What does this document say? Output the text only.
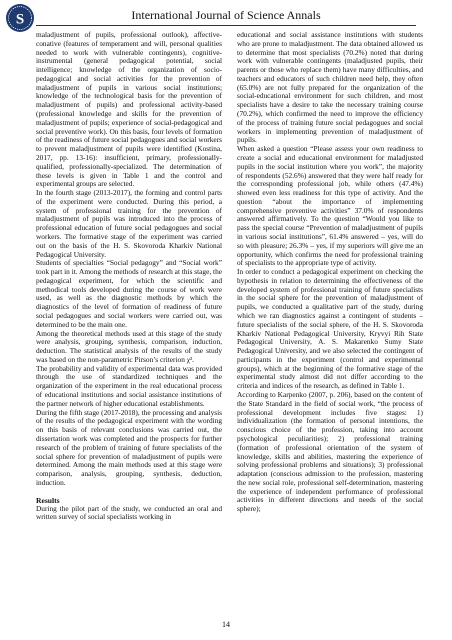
S	International Journal of Science Annals

maladjustment of pupils, professional outlook), affective-conative (features of temperament and will, personal qualities needed to work with vulnerable contingents), cognitive-instrumental (general pedagogical potential, social intelligence; knowledge of the organization of socio-pedagogical and social activities for the prevention of maladjustment of pupils in various social institutions; knowledge of the technological basis for the prevention of maladjustment of pupils) and professional activity-based (professional knowledge and skills for the prevention of maladjustment of pupils; experience of social-pedagogical and social preventive work). On this basis, four levels of formation of the readiness of future social pedagogues and social workers to prevent maladjustment of pupils were identified (Kostina, 2017, pp. 13-16): insufficient, primary, professionally-qualified, professionally-specialized. The determination of these levels is given in Table 1 and the control and experimental groups are selected.

In the fourth stage (2013-2017), the forming and control parts of the experiment were conducted. During this period, a system of professional training for the prevention of maladjustment of pupils was introduced into the process of professional education of future social pedagogues and social workers. The formative stage of the experiment was carried out on the basis of the H. S. Skovoroda Kharkiv National Pedagogical University.

Students of specialties “Social pedagogy” and “Social work” took part in it. Among the methods of research at this stage, the pedagogical experiment, for which the scientific and methodical tools developed during the course of work were used, as well as the diagnostic methods by which the diagnostics of the level of formation of readiness of future social pedagogues and social workers were carried out, was determined to be the main one.

Among the theoretical methods used at this stage of the study were analysis, grouping, synthesis, comparison, induction, deduction. The statistical analysis of the results of the study was based on the non-parametric Pirson’s criterion χ².

The probability and validity of experimental data was provided through the use of standardized techniques and the organization of the experiment in the real educational process of educational institutions and social assistance institutions of the partner network of higher educational establishments.

During the fifth stage (2017-2018), the processing and analysis of the results of the pedagogical experiment with the wording on this basis of relevant conclusions was carried out, the dissertation work was completed and the prospects for further research of the problem of training of future specialists of the social sphere for prevention of maladjustment of pupils were determined. Among the main methods used at this stage were comparison, analysis, grouping, synthesis, deduction, induction.

Results

During the pilot part of the study, we conducted an oral and written survey of social specialists working in

educational and social assistance institutions with students who are prone to maladjustment. The data obtained allowed us to determine that most specialists (70.2%) noted that during work with vulnerable contingents (maladjusted pupils, their parents or those who replace them) have many difficulties, and teachers and educators of such children need help, they often (65.0%) are not fully prepared for the organization of the social-educational environment for such children, and most specialists have a desire to take the necessary training course (70.2%), which confirmed the need to improve the efficiency of the process of training future social pedagogues and social workers in implementing prevention of maladjustment of pupils.

When asked a question “Please assess your own readiness to create a social and educational environment for maladjusted pupils in the social institution where you work”, the majority of respondents (52.6%) answered that they were half ready for the corresponding professional job, while others (47.4%) showed even less readiness for this type of activity. And the question “about the importance of implementing comprehensive preventive activities” 37.0% of respondents answered affirmatively. To the question “Would you like to pass the special course “Prevention of maladjustment of pupils in various social institutions”, 61.4% answered – yes, will do so with pleasure; 26.3% – yes, if my superiors will give me an opportunity, which confirms the need for professional training of specialists to the appropriate type of activity.

In order to conduct a pedagogical experiment on checking the hypothesis in relation to determining the effectiveness of the developed system of professional training of future specialists in the social sphere for the prevention of maladjustment of pupils, we conducted a qualitative part of the study, during which we ran diagnostics against a contingent of students – future specialists of the social sphere, of the H. S. Skovoroda Kharkiv National Pedagogical University, Kryvyi Rih State Pedagogical University, A. S. Makarenko Sumy State Pedagogical University, and we also selected the contingent of participants in the experiment (control and experimental groups), which at the beginning of the formative stage of the experimental study almost did not differ according to the criteria and indices of the research, as defined in Table 1.

According to Karpenko (2007, p. 206), based on the content of the State Standard in the field of social work, “the process of professional development includes five stages: 1) individualization (the formation of personal intentions, the conscious choice of the profession, taking into account psychological peculiarities); 2) professional training (formation of professional orientation of the system of knowledge, skills and abilities, mastering the experience of solving professional problems and situations); 3) professional adaptation (conscious admission to the profession, mastering the new social role, professional self-determination, mastering the experience of independent performance of professional activities in different directions and needs of the social sphere);

14
